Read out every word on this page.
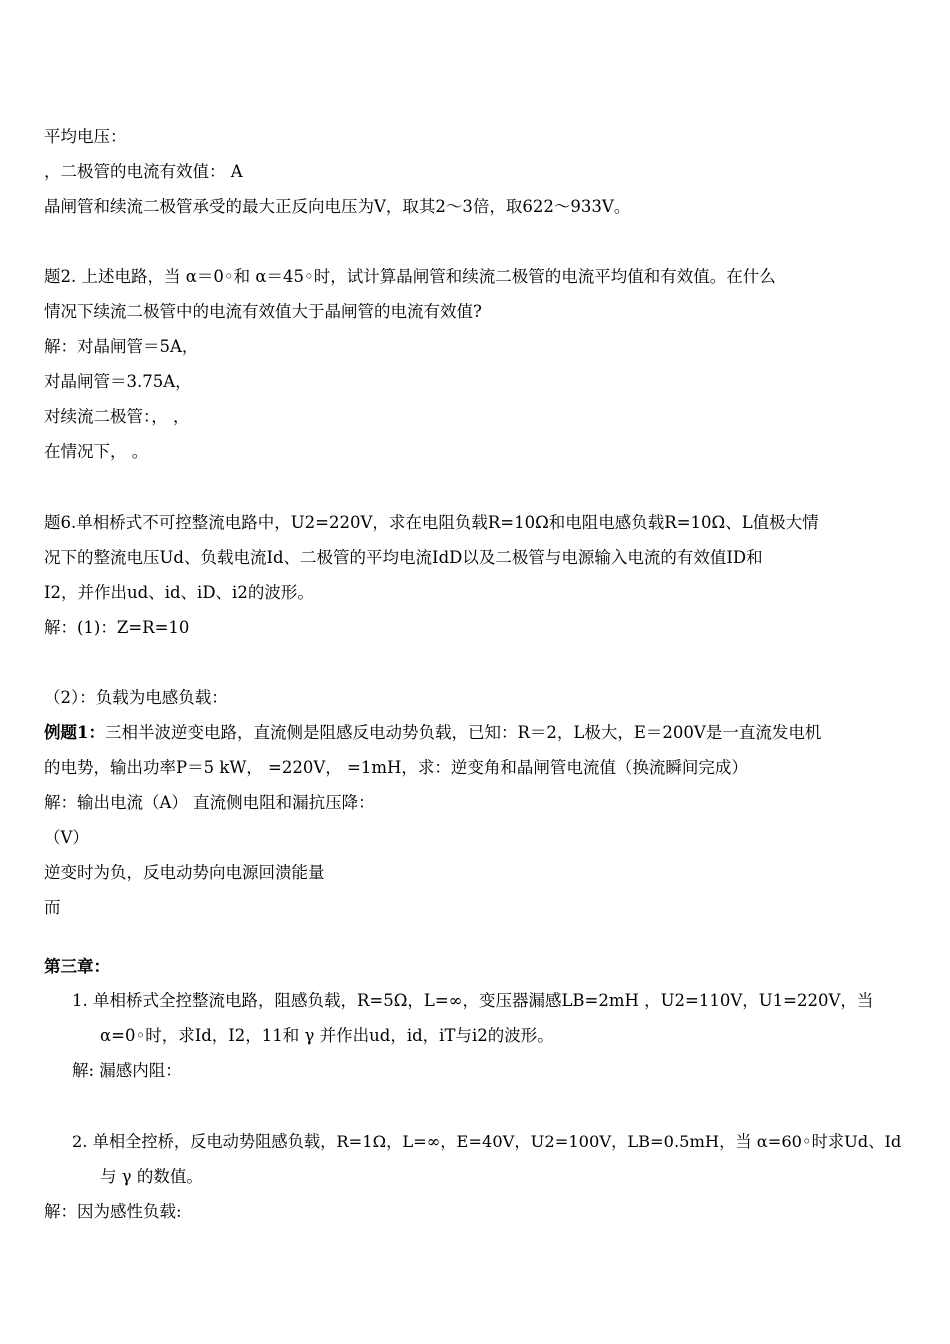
平均电压：
，二极管的电流有效值： A
晶闸管和续流二极管承受的最大正反向电压为V，取其2～3倍，取622～933V。
题2. 上述电路，当 α＝0◦和 α＝45◦时，试计算晶闸管和续流二极管的电流平均值和有效值。在什么
情况下续流二极管中的电流有效值大于晶闸管的电流有效值?
解：对晶闸管＝5A，
对晶闸管＝3.75A，
对续流二极管：， ，
在情况下， 。
题6.单相桥式不可控整流电路中，U2=220V，求在电阻负载R=10Ω和电阻电感负载R=10Ω、L值极大情
况下的整流电压Ud、负载电流Id、二极管的平均电流IdD以及二极管与电源输入电流的有效值ID和
I2，并作出ud、id、iD、i2的波形。
解：(1)：Z=R=10
（2）：负载为电感负载：
例题1：三相半波逆变电路，直流侧是阻感反电动势负载，已知：R＝2，L极大，E＝200V是一直流发电机
的电势，输出功率P＝5 kW， =220V， =1mH，求：逆变角和晶闸管电流值（换流瞬间完成）
解：输出电流（A） 直流侧电阻和漏抗压降：
（V）
逆变时为负，反电动势向电源回溃能量
而
第三章：
1. 单相桥式全控整流电路，阻感负载，R=5Ω，L=∞，变压器漏感LB=2mH ，U2=110V，U1=220V，当
α=0◦时，求Id，I2，11和 γ 并作出ud，id，iT与i2的波形。
解: 漏感内阻：
2. 单相全控桥，反电动势阻感负载，R=1Ω，L=∞，E=40V，U2=100V，LB=0.5mH，当 α=60◦时求Ud、Id
与 γ 的数值。
解：因为感性负载:
